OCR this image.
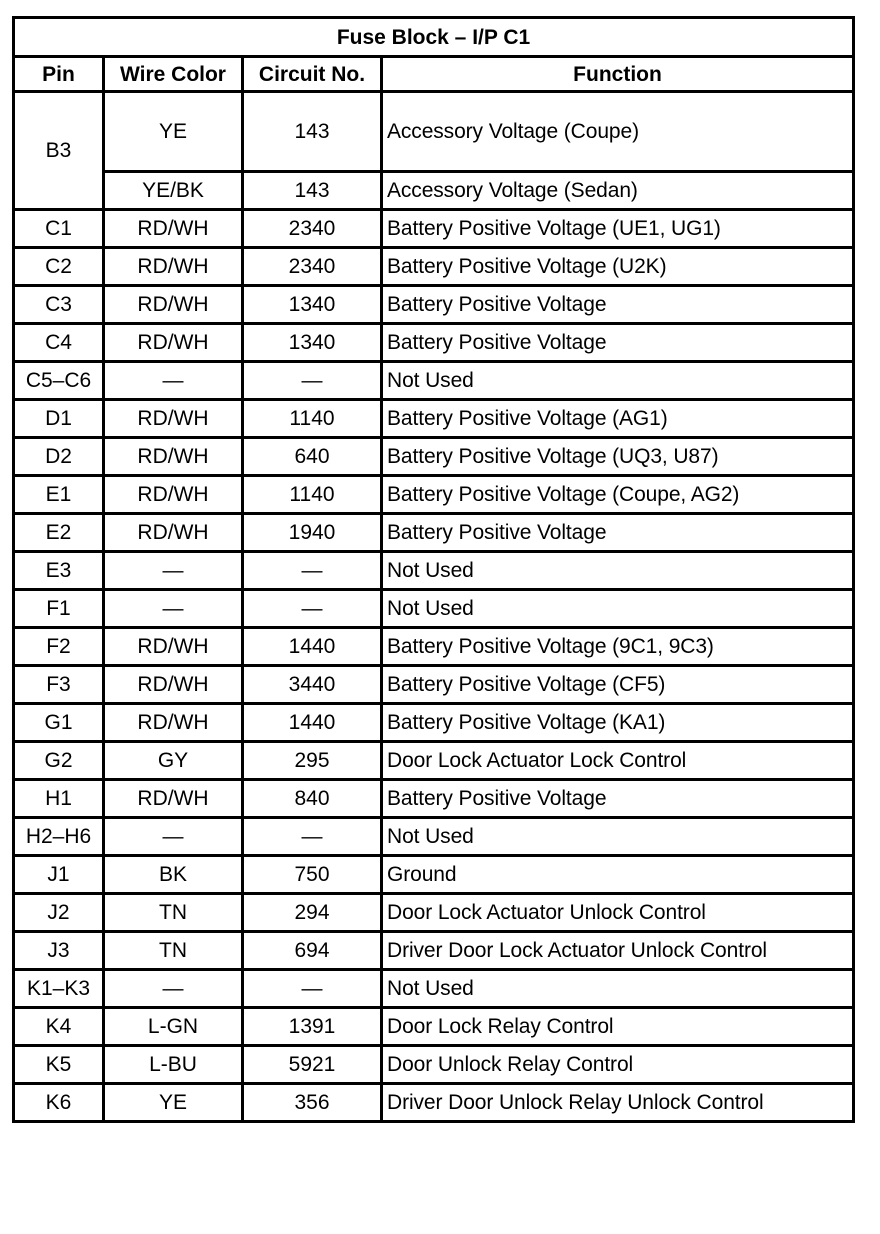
Fuse Block – I/P C1			
Pin	Wire Color	Circuit No.	Function
B3	YE	143	Accessory Voltage (Coupe)
	YE/BK	143	Accessory Voltage (Sedan)
C1	RD/WH	2340	Battery Positive Voltage (UE1, UG1)
C2	RD/WH	2340	Battery Positive Voltage (U2K)
C3	RD/WH	1340	Battery Positive Voltage
C4	RD/WH	1340	Battery Positive Voltage
C5–C6	—	—	Not Used
D1	RD/WH	1140	Battery Positive Voltage (AG1)
D2	RD/WH	640	Battery Positive Voltage (UQ3, U87)
E1	RD/WH	1140	Battery Positive Voltage (Coupe, AG2)
E2	RD/WH	1940	Battery Positive Voltage
E3	—	—	Not Used
F1	—	—	Not Used
F2	RD/WH	1440	Battery Positive Voltage (9C1, 9C3)
F3	RD/WH	3440	Battery Positive Voltage (CF5)
G1	RD/WH	1440	Battery Positive Voltage (KA1)
G2	GY	295	Door Lock Actuator Lock Control
H1	RD/WH	840	Battery Positive Voltage
H2–H6	—	—	Not Used
J1	BK	750	Ground
J2	TN	294	Door Lock Actuator Unlock Control
J3	TN	694	Driver Door Lock Actuator Unlock Control
K1–K3	—	—	Not Used
K4	L-GN	1391	Door Lock Relay Control
K5	L-BU	5921	Door Unlock Relay Control
K6	YE	356	Driver Door Unlock Relay Unlock Control
